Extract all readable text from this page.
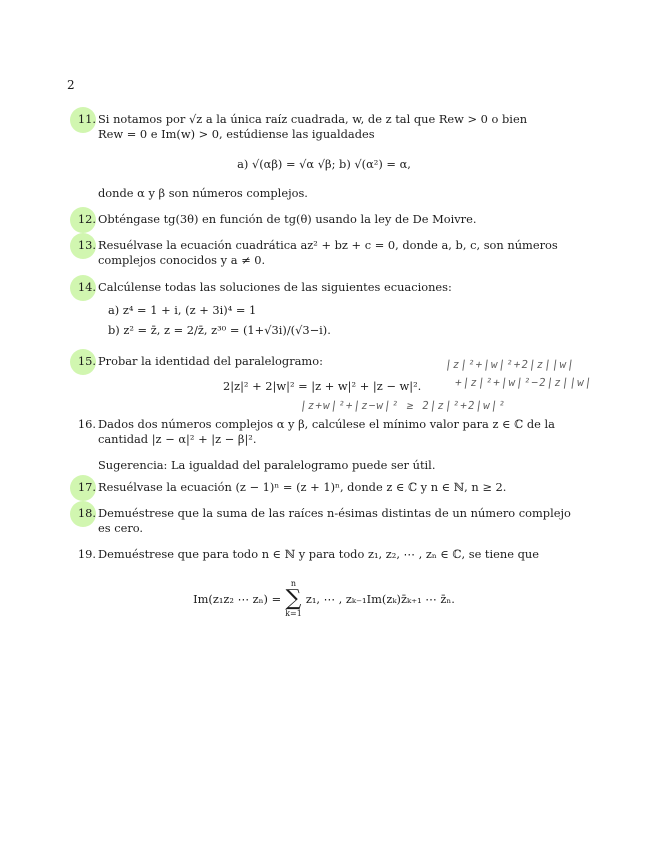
2
11. Si notamos por √z a la única raíz cuadrada, w, de z tal que Rew > 0 o bien
Rew = 0 e Im(w) > 0, estúdiense las igualdades
a) √(αβ) = √α √β; b) √(α²) = α,
donde α y β son números complejos.
12. Obténgase tg(3θ) en función de tg(θ) usando la ley de De Moivre.
13. Resuélvase la ecuación cuadrática az² + bz + c = 0, donde a, b, c, son números
complejos conocidos y a ≠ 0.
14. Calcúlense todas las soluciones de las siguientes ecuaciones:
a) z⁴ = 1 + i, (z + 3i)⁴ = 1
b) z² = z̄, z = 2/z̄, z³⁰ = (1+√3i)/(√3−i).
15. Probar la identidad del paralelogramo:
2|z|² + 2|w|² = |z + w|² + |z − w|².
|z|²+|w|²+2|z||w|
+|z|²+|w|²−2|z||w|
|z+w|²+|z−w|² ≥ 2|z|²+2|w|²
16. Dados dos números complejos α y β, calcúlese el mínimo valor para z ∈ ℂ de la
cantidad |z − α|² + |z − β|².
Sugerencia: La igualdad del paralelogramo puede ser útil.
17. Resuélvase la ecuación (z − 1)ⁿ = (z + 1)ⁿ, donde z ∈ ℂ y n ∈ ℕ, n ≥ 2.
18. Demuéstrese que la suma de las raíces n-ésimas distintas de un número complejo
es cero.
19. Demuéstrese que para todo n ∈ ℕ y para todo z₁, z₂, ⋯ , zₙ ∈ ℂ, se tiene que
Im(z₁z₂ ⋯ zₙ) =
n
∑
k=1
z₁, ⋯ , zₖ₋₁Im(zₖ)z̄ₖ₊₁ ⋯ z̄ₙ.
